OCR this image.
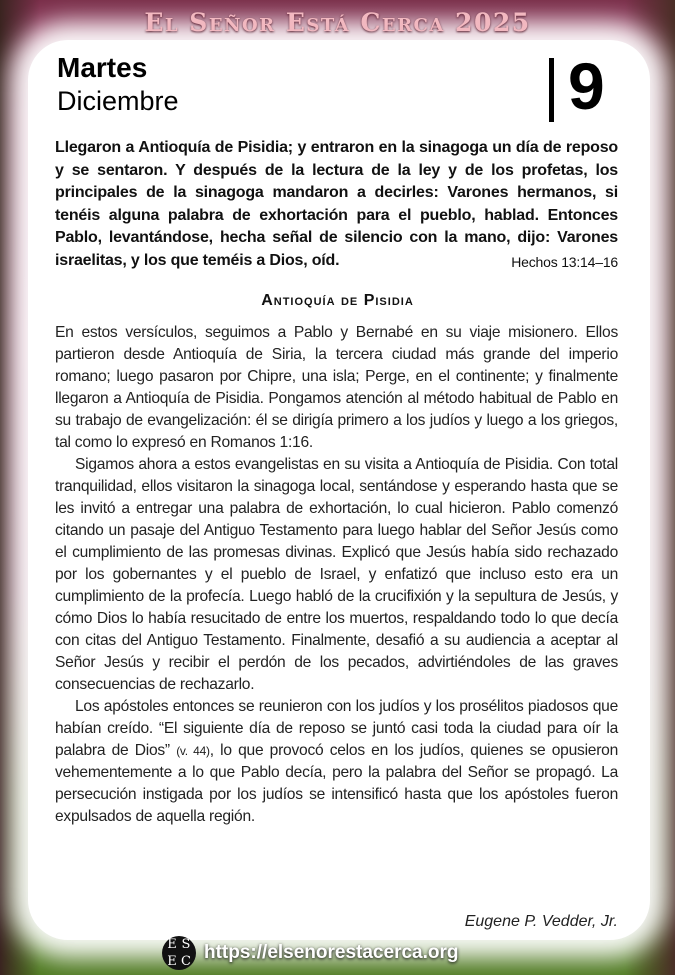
El Señor Está Cerca 2025
Martes
Diciembre	9
Llegaron a Antioquía de Pisidia; y entraron en la sinagoga un día de reposo y se sentaron. Y después de la lectura de la ley y de los profetas, los principales de la sinagoga mandaron a decirles: Varones hermanos, si tenéis alguna palabra de exhortación para el pueblo, hablad. Entonces Pablo, levantándose, hecha señal de silencio con la mano, dijo: Varones israelitas, y los que teméis a Dios, oíd.	Hechos 13:14–16
Antioquía de Pisidia

En estos versículos, seguimos a Pablo y Bernabé en su viaje misionero. Ellos partieron desde Antioquía de Siria, la tercera ciudad más grande del imperio romano; luego pasaron por Chipre, una isla; Perge, en el continente; y finalmente llegaron a Antioquía de Pisidia. Pongamos atención al método habitual de Pablo en su trabajo de evangelización: él se dirigía primero a los judíos y luego a los griegos, tal como lo expresó en Romanos 1:16.

Sigamos ahora a estos evangelistas en su visita a Antioquía de Pisidia. Con total tranquilidad, ellos visitaron la sinagoga local, sentándose y esperando hasta que se les invitó a entregar una palabra de exhortación, lo cual hicieron. Pablo comenzó citando un pasaje del Antiguo Testamento para luego hablar del Señor Jesús como el cumplimiento de las promesas divinas. Explicó que Jesús había sido rechazado por los gobernantes y el pueblo de Israel, y enfatizó que incluso esto era un cumplimiento de la profecía. Luego habló de la crucifixión y la sepultura de Jesús, y cómo Dios lo había resucitado de entre los muertos, respaldando todo lo que decía con citas del Antiguo Testamento. Finalmente, desafió a su audiencia a aceptar al Señor Jesús y recibir el perdón de los pecados, advirtiéndoles de las graves consecuencias de rechazarlo.

Los apóstoles entonces se reunieron con los judíos y los prosélitos piadosos que habían creído. “El siguiente día de reposo se juntó casi toda la ciudad para oír la palabra de Dios” (v. 44), lo que provocó celos en los judíos, quienes se opusieron vehementemente a lo que Pablo decía, pero la palabra del Señor se propagó. La persecución instigada por los judíos se intensificó hasta que los apóstoles fueron expulsados de aquella región.

Eugene P. Vedder, Jr.
E S
E C https://elsenorestacerca.org
